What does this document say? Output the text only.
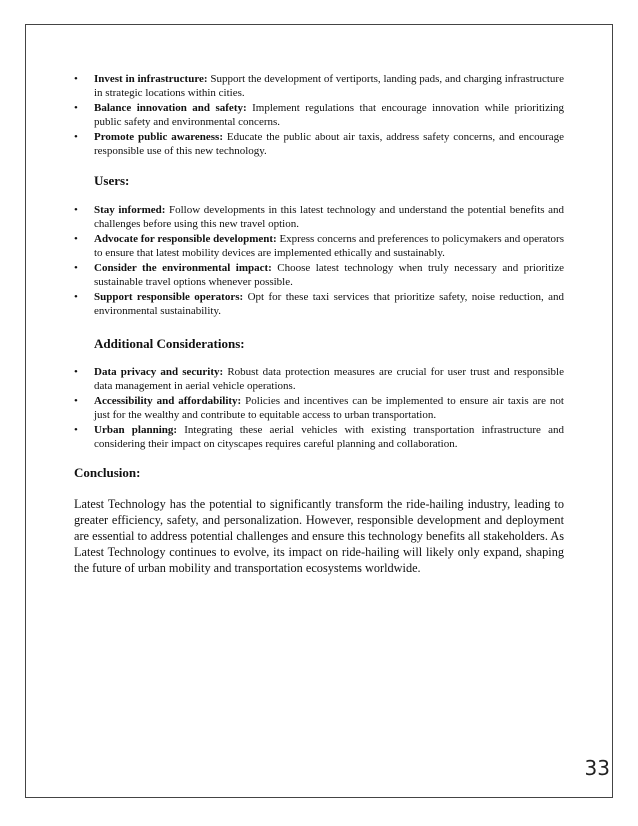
• Invest in infrastructure: Support the development of vertiports, landing pads, and charging infrastructure in strategic locations within cities.
• Balance innovation and safety: Implement regulations that encourage innovation while prioritizing public safety and environmental concerns.
• Promote public awareness: Educate the public about air taxis, address safety concerns, and encourage responsible use of this new technology.

Users:

• Stay informed: Follow developments in this latest technology and understand the potential benefits and challenges before using this new travel option.
• Advocate for responsible development: Express concerns and preferences to policymakers and operators to ensure that latest mobility devices are implemented ethically and sustainably.
• Consider the environmental impact: Choose latest technology when truly necessary and prioritize sustainable travel options whenever possible.
• Support responsible operators: Opt for these taxi services that prioritize safety, noise reduction, and environmental sustainability.

Additional Considerations:

• Data privacy and security: Robust data protection measures are crucial for user trust and responsible data management in aerial vehicle operations.
• Accessibility and affordability: Policies and incentives can be implemented to ensure air taxis are not just for the wealthy and contribute to equitable access to urban transportation.
• Urban planning: Integrating these aerial vehicles with existing transportation infrastructure and considering their impact on cityscapes requires careful planning and collaboration.

Conclusion:

Latest Technology has the potential to significantly transform the ride-hailing industry, leading to greater efficiency, safety, and personalization. However, responsible development and deployment are essential to address potential challenges and ensure this technology benefits all stakeholders. As Latest Technology continues to evolve, its impact on ride-hailing will likely only expand, shaping the future of urban mobility and transportation ecosystems worldwide.

33
